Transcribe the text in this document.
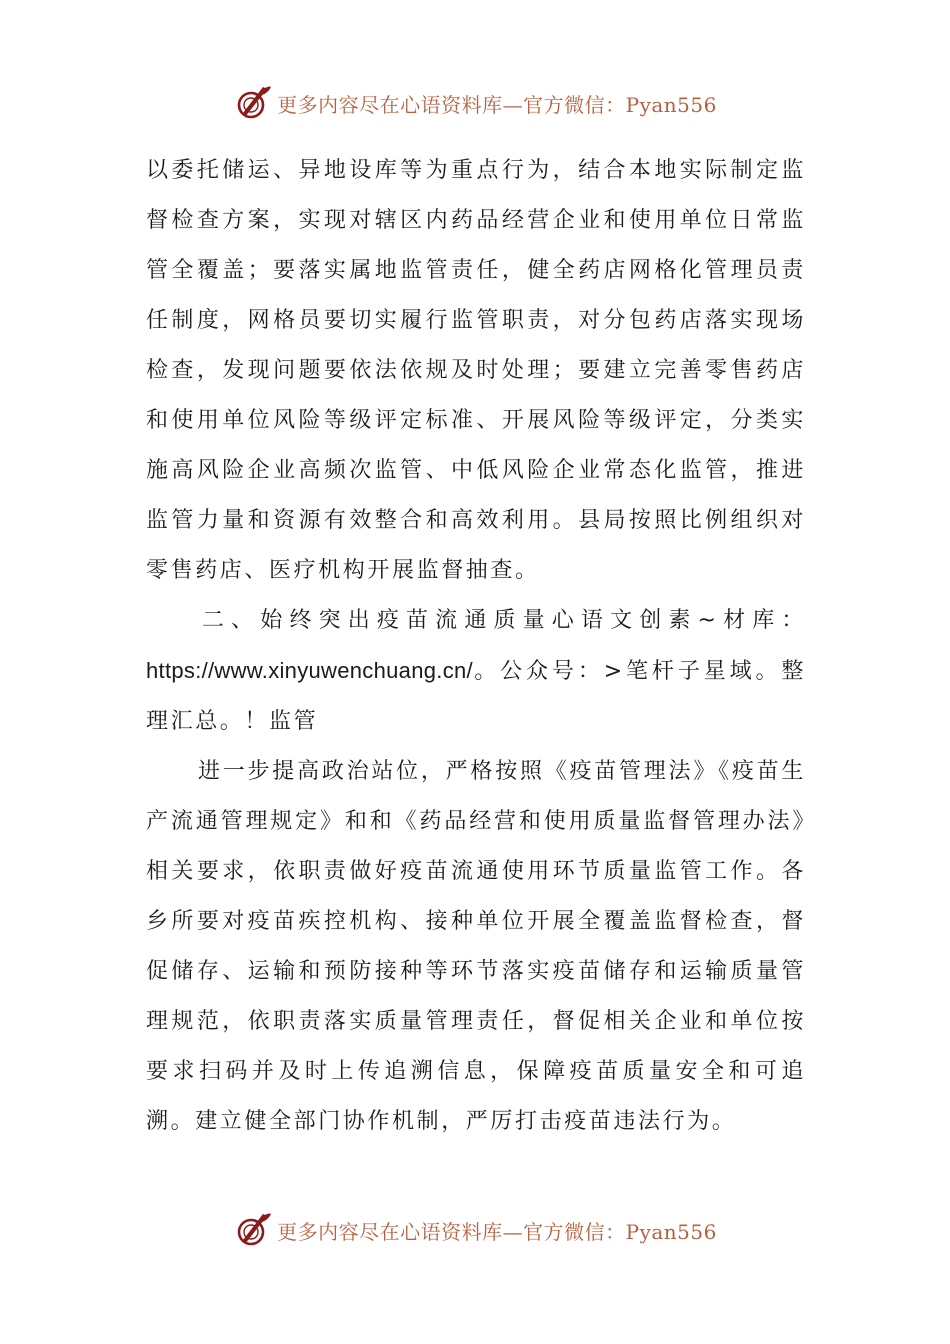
更多内容尽在心语资料库—官方微信：Pyan556

以委托储运、异地设库等为重点行为，结合本地实际制定监督检查方案，实现对辖区内药品经营企业和使用单位日常监管全覆盖；要落实属地监管责任，健全药店网格化管理员责任制度，网格员要切实履行监管职责，对分包药店落实现场检查，发现问题要依法依规及时处理；要建立完善零售药店和使用单位风险等级评定标准、开展风险等级评定，分类实施高风险企业高频次监管、中低风险企业常态化监管，推进监管力量和资源有效整合和高效利用。县局按照比例组织对零售药店、医疗机构开展监督抽查。

二、始终突出疫苗流通质量心语文创素~材库：https://www.xinyuwenchuang.cn/。公众号：>笔杆子星域。整理汇总。！监管

进一步提高政治站位，严格按照《疫苗管理法》《疫苗生产流通管理规定》和和《药品经营和使用质量监督管理办法》相关要求，依职责做好疫苗流通使用环节质量监管工作。各乡所要对疫苗疾控机构、接种单位开展全覆盖监督检查，督促储存、运输和预防接种等环节落实疫苗储存和运输质量管理规范，依职责落实质量管理责任，督促相关企业和单位按要求扫码并及时上传追溯信息，保障疫苗质量安全和可追溯。建立健全部门协作机制，严厉打击疫苗违法行为。

更多内容尽在心语资料库—官方微信：Pyan556
